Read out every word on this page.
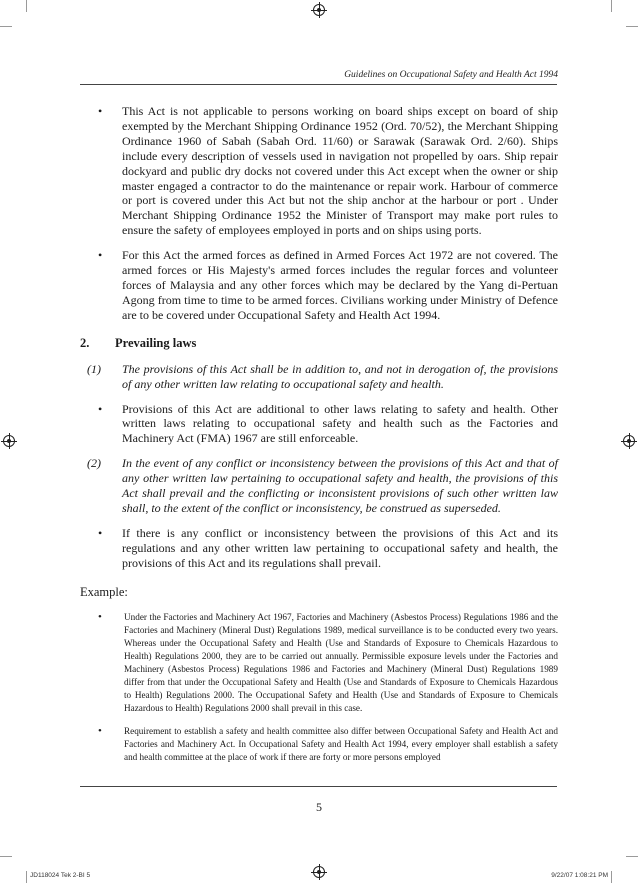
Guidelines on Occupational Safety and Health Act 1994
•
This Act is not applicable to persons working on board ships except on board of ship exempted by the Merchant Shipping Ordinance 1952 (Ord. 70/52), the Merchant Shipping Ordinance 1960 of Sabah (Sabah Ord. 11/60) or Sarawak (Sarawak Ord. 2/60). Ships include every description of vessels used in navigation not propelled by oars. Ship repair dockyard and public dry docks not covered under this Act except when the owner or ship master engaged a contractor to do the maintenance or repair work. Harbour of commerce or port is covered under this Act but not the ship anchor at the harbour or port . Under Merchant Shipping Ordinance 1952 the Minister of Transport may make port rules to ensure the safety of employees employed in ports and on ships using ports.
•
For this Act the armed forces as defined in Armed Forces Act 1972 are not covered. The armed forces or His Majesty's armed forces includes the regular forces and volunteer forces of Malaysia and any other forces which may be declared by the Yang di-Pertuan Agong from time to time to be armed forces. Civilians working under Ministry of Defence are to be covered under Occupational Safety and Health Act 1994.
2.	Prevailing laws
(1)	The provisions of this Act shall be in addition to, and not in derogation of, the provisions of any other written law relating to occupational safety and health.
•
Provisions of this Act are additional to other laws relating to safety and health. Other written laws relating to occupational safety and health such as the Factories and Machinery Act (FMA) 1967 are still enforceable.
(2)	In the event of any conflict or inconsistency between the provisions of this Act and that of any other written law pertaining to occupational safety and health, the provisions of this Act shall prevail and the conflicting or inconsistent provisions of such other written law shall, to the extent of the conflict or inconsistency, be construed as superseded.
•
If there is any conflict or inconsistency between the provisions of this Act and its regulations and any other written law pertaining to occupational safety and health, the provisions of this Act and its regulations shall prevail.
Example:
•
Under the Factories and Machinery Act 1967, Factories and Machinery (Asbestos Process) Regulations 1986 and the Factories and Machinery (Mineral Dust) Regulations 1989, medical surveillance is to be conducted every two years. Whereas under the Occupational Safety and Health (Use and Standards of Exposure to Chemicals Hazardous to Health) Regulations 2000, they are to be carried out annually. Permissible exposure levels under the Factories and Machinery (Asbestos Process) Regulations 1986 and Factories and Machinery (Mineral Dust) Regulations 1989 differ from that under the Occupational Safety and Health (Use and Standards of Exposure to Chemicals Hazardous to Health) Regulations 2000. The Occupational Safety and Health (Use and Standards of Exposure to Chemicals Hazardous to Health) Regulations 2000 shall prevail in this case.
•
Requirement to establish a safety and health committee also differ between Occupational Safety and Health Act and Factories and Machinery Act. In Occupational Safety and Health Act 1994, every employer shall establish a safety and health committee at the place of work if there are forty or more persons employed
5
JD118024 Tek 2-BI 5	9/22/07 1:08:21 PM
